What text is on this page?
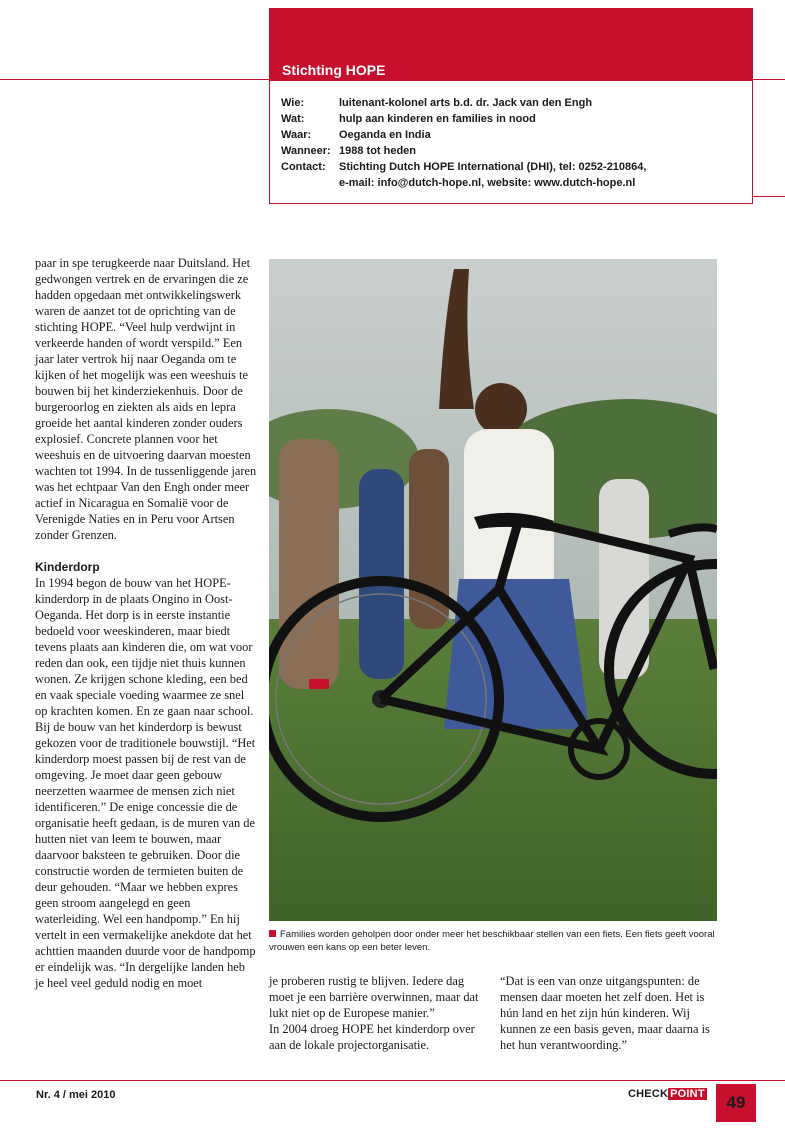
Stichting HOPE
Wie:	luitenant-kolonel arts b.d. dr. Jack van den Engh
Wat:	hulp aan kinderen en families in nood
Waar:	Oeganda en India
Wanneer: 1988 tot heden
Contact:	Stichting Dutch HOPE International (DHI), tel: 0252-210864,
e-mail: info@dutch-hope.nl, website: www.dutch-hope.nl

paar in spe terugkeerde naar Duitsland. Het gedwongen vertrek en de ervaringen die ze hadden opgedaan met ontwikkelingswerk waren de aanzet tot de oprichting van de stichting HOPE. “Veel hulp verdwijnt in verkeerde handen of wordt verspild.” Een jaar later vertrok hij naar Oeganda om te kijken of het mogelijk was een weeshuis te bouwen bij het kinderziekenhuis. Door de burgeroorlog en ziekten als aids en lepra groeide het aantal kinderen zonder ouders explosief. Concrete plannen voor het weeshuis en de uitvoering daarvan moesten wachten tot 1994. In de tussenliggende jaren was het echtpaar Van den Engh onder meer actief in Nicaragua en Somalië voor de Verenigde Naties en in Peru voor Artsen zonder Grenzen.

Kinderdorp

In 1994 begon de bouw van het HOPE-kinderdorp in de plaats Ongino in Oost-Oeganda. Het dorp is in eerste instantie bedoeld voor weeskinderen, maar biedt tevens plaats aan kinderen die, om wat voor reden dan ook, een tijdje niet thuis kunnen wonen. Ze krijgen schone kleding, een bed en vaak speciale voeding waarmee ze snel op krachten komen. En ze gaan naar school. Bij de bouw van het kinderdorp is bewust gekozen voor de traditionele bouwstijl. “Het kinderdorp moest passen bij de rest van de omgeving. Je moet daar geen gebouw neerzetten waarmee de mensen zich niet identificeren.” De enige concessie die de organisatie heeft gedaan, is de muren van de hutten niet van leem te bouwen, maar daarvoor baksteen te gebruiken. Door die constructie worden de termieten buiten de deur gehouden. “Maar we hebben expres geen stroom aangelegd en geen waterleiding. Wel een handpomp.” En hij vertelt in een vermakelijke anekdote dat het achttien maanden duurde voor de handpomp er eindelijk was. “In dergelijke landen heb je heel veel geduld nodig en moet

Families worden geholpen door onder meer het beschikbaar stellen van een fiets. Een fiets geeft vooral vrouwen een kans op een beter leven.

je proberen rustig te blijven. Iedere dag moet je een barrière overwinnen, maar dat lukt niet op de Europese manier.”

In 2004 droeg HOPE het kinderdorp over aan de lokale projectorganisatie.

“Dat is een van onze uitgangspunten: de mensen daar moeten het zelf doen. Het is hún land en het zijn hún kinderen. Wij kunnen ze een basis geven, maar daarna is het hun verantwoording.”

Nr. 4 / mei 2010	CHECK POINT	49
